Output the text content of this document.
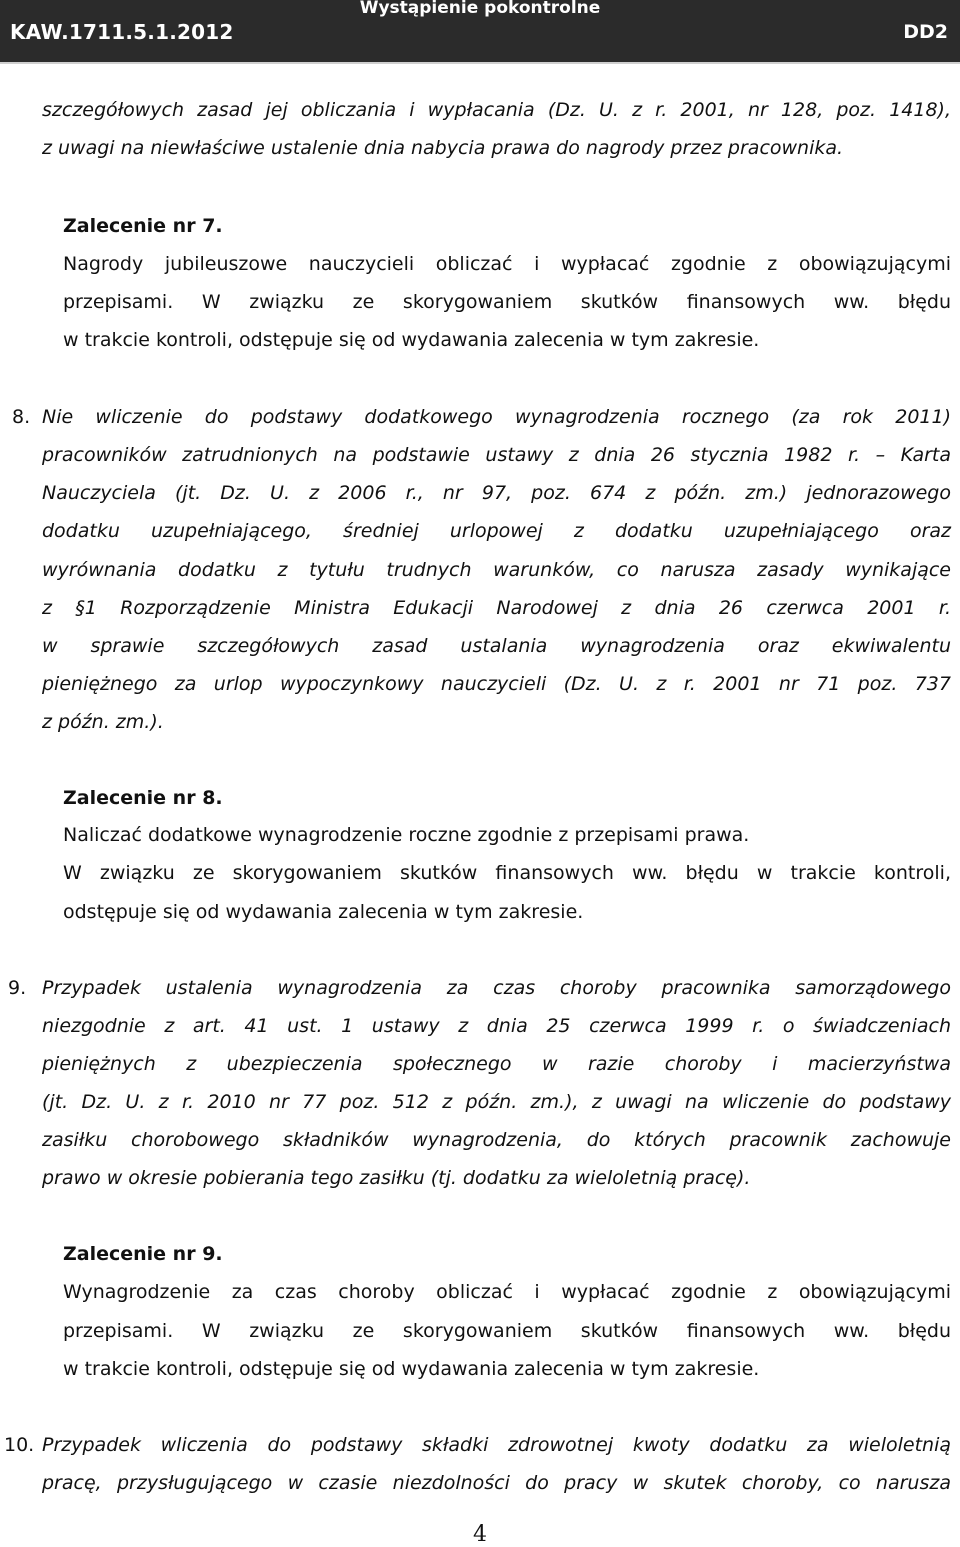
KAW.1711.5.1.2012
Wystąpienie pokontrolne
DD2
szczegółowych zasad jej obliczania i wypłacania (Dz. U. z r. 2001, nr 128, poz. 1418),
z uwagi na niewłaściwe ustalenie dnia nabycia prawa do nagrody przez pracownika.
Zalecenie nr 7.
Nagrody jubileuszowe nauczycieli obliczać i wypłacać zgodnie z obowiązującymi
przepisami. W związku ze skorygowaniem skutków finansowych ww. błędu
w trakcie kontroli, odstępuje się od wydawania zalecenia w tym zakresie.
8. Nie wliczenie do podstawy dodatkowego wynagrodzenia rocznego (za rok 2011)
pracowników zatrudnionych na podstawie ustawy z dnia 26 stycznia 1982 r. – Karta
Nauczyciela (jt. Dz. U. z 2006 r., nr 97, poz. 674 z późn. zm.) jednorazowego
dodatku uzupełniającego, średniej urlopowej z dodatku uzupełniającego oraz
wyrównania dodatku z tytułu trudnych warunków, co narusza zasady wynikające
z §1 Rozporządzenie Ministra Edukacji Narodowej z dnia 26 czerwca 2001 r.
w sprawie szczegółowych zasad ustalania wynagrodzenia oraz ekwiwalentu
pieniężnego za urlop wypoczynkowy nauczycieli (Dz. U. z r. 2001 nr 71 poz. 737
z późn. zm.).
Zalecenie nr 8.
Naliczać dodatkowe wynagrodzenie roczne zgodnie z przepisami prawa.
W związku ze skorygowaniem skutków finansowych ww. błędu w trakcie kontroli,
odstępuje się od wydawania zalecenia w tym zakresie.
9. Przypadek ustalenia wynagrodzenia za czas choroby pracownika samorządowego
niezgodnie z art. 41 ust. 1 ustawy z dnia 25 czerwca 1999 r. o świadczeniach
pieniężnych z ubezpieczenia społecznego w razie choroby i macierzyństwa
(jt. Dz. U. z r. 2010 nr 77 poz. 512 z późn. zm.), z uwagi na wliczenie do podstawy
zasiłku chorobowego składników wynagrodzenia, do których pracownik zachowuje
prawo w okresie pobierania tego zasiłku (tj. dodatku za wieloletnią pracę).
Zalecenie nr 9.
Wynagrodzenie za czas choroby obliczać i wypłacać zgodnie z obowiązującymi
przepisami. W związku ze skorygowaniem skutków finansowych ww. błędu
w trakcie kontroli, odstępuje się od wydawania zalecenia w tym zakresie.
10. Przypadek wliczenia do podstawy składki zdrowotnej kwoty dodatku za wieloletnią
pracę, przysługującego w czasie niezdolności do pracy w skutek choroby, co narusza
4
